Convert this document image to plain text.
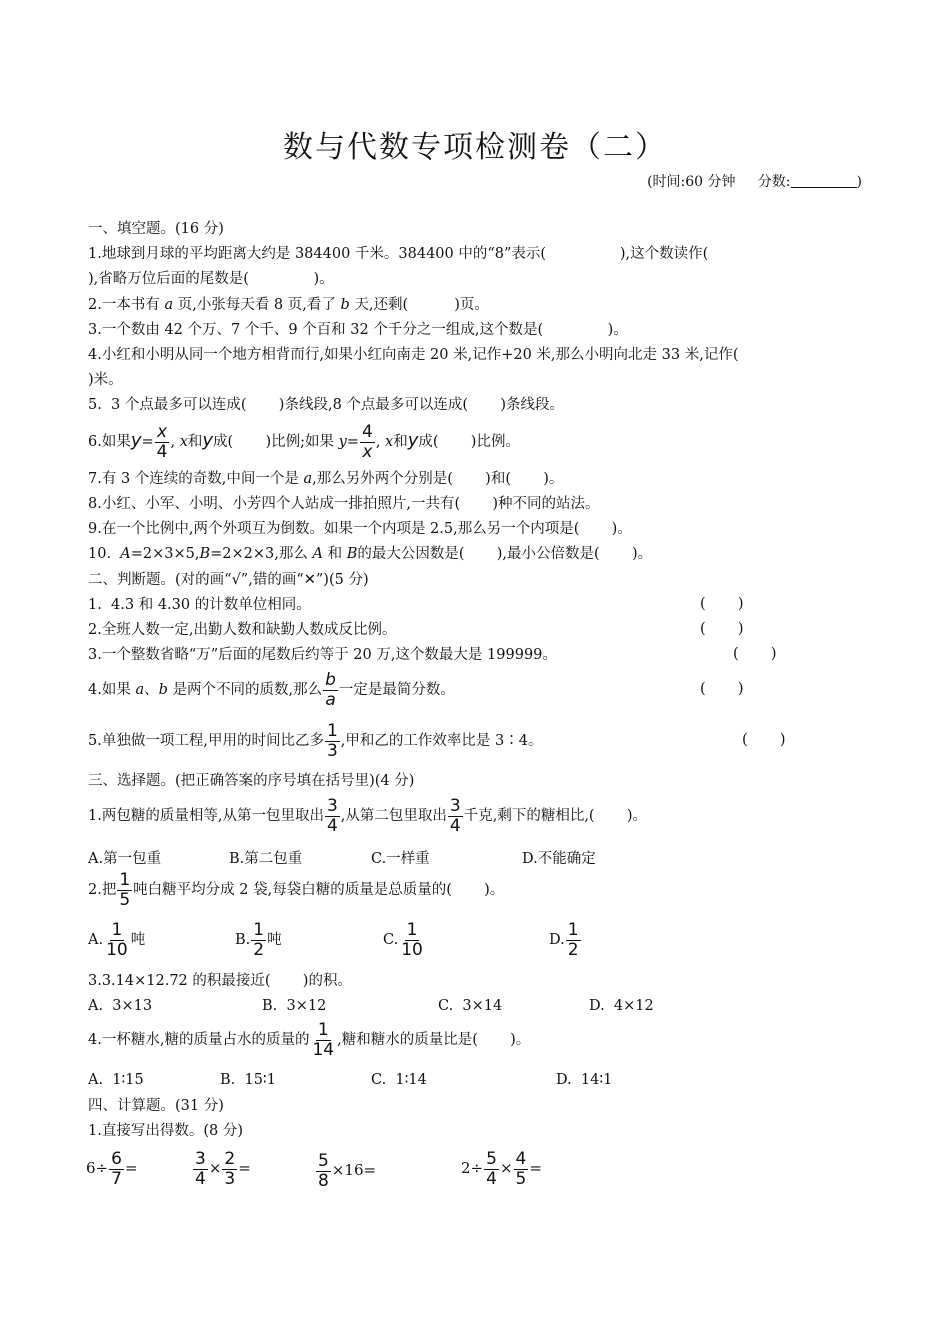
数与代数专项检测卷（二）
(时间:60 分钟 分数:	)
一、填空题。(16 分)
1.地球到月球的平均距离大约是 384400 千米。384400 中的“8”表示(                ),这个数读作(
),省略万位后面的尾数是(              )。
2.一本书有 a 页,小张每天看 8 页,看了 b 天,还剩(          )页。
3.一个数由 42 个万、7 个千、9 个百和 32 个千分之一组成,这个数是(              )。
4.小红和小明从同一个地方相背而行,如果小红向南走 20 米,记作+20 米,那么小明向北走 33 米,记作(
)米。
5.  3 个点最多可以连成(       )条线段,8 个点最多可以连成(       )条线段。
6.如果$y= \frac{x}{4}$ , x和y成(       )比例;如果 $y= \frac{4}{x}$ , x和y成(       )比例。
7.有 3 个连续的奇数,中间一个是 a,那么另外两个分别是(       )和(       )。
8.小红、小军、小明、小芳四个人站成一排拍照片,一共有(       )种不同的站法。
9.在一个比例中,两个外项互为倒数。如果一个内项是 2.5,那么另一个内项是(       )。
10. A=2×3×5,B=2×2×3,那么 A 和 B的最大公因数是(       ),最小公倍数是(       )。
二、判断题。(对的画“√”,错的画“✕”)(5 分)
1.  4.3 和 4.30 的计数单位相同。	(       )
2.全班人数一定,出勤人数和缺勤人数成反比例。	(       )
3.一个整数省略“万”后面的尾数后约等于 20 万,这个数最大是 199999。	(       )
4.如果 a、b 是两个不同的质数,那么 $\frac{b}{a}$ 一定是最简分数。	(       )
5.单独做一项工程,甲用的时间比乙多 $\frac{1}{3}$ ,甲和乙的工作效率比是 3∶4。	(       )
三、选择题。(把正确答案的序号填在括号里)(4 分)
1.两包糖的质量相等,从第一包里取出 $\frac{3}{4}$ ,从第二包里取出 $\frac{3}{4}$ 千克,剩下的糖相比,(       )。
A.第一包重	B.第二包重	C.一样重	D.不能确定
2.把 $\frac{1}{5}$ 吨白糖平均分成 2 袋,每袋白糖的质量是总质量的(       )。
A. $\frac{1}{10}$ 吨	B. $\frac{1}{2}$ 吨	C. $\frac{1}{10}$	D. $\frac{1}{2}$
3.3.14×12.72 的积最接近(       )的积。
A.  3×13	B.  3×12	C.  3×14	D.  4×12
4.一杯糖水,糖的质量占水的质量的 $\frac{1}{14}$ ,糖和糖水的质量比是(       )。
A.  1∶15	B.  15∶1	C.  1∶14	D.  14∶1
四、计算题。(31 分)
1.直接写出得数。(8 分)
$6\div \frac{6}{7}$ =	$\frac{3}{4} \times \frac{2}{3}$ =	$\frac{5}{8} \times 16=$	$2\div \frac{5}{4} \times \frac{4}{5}$ =
